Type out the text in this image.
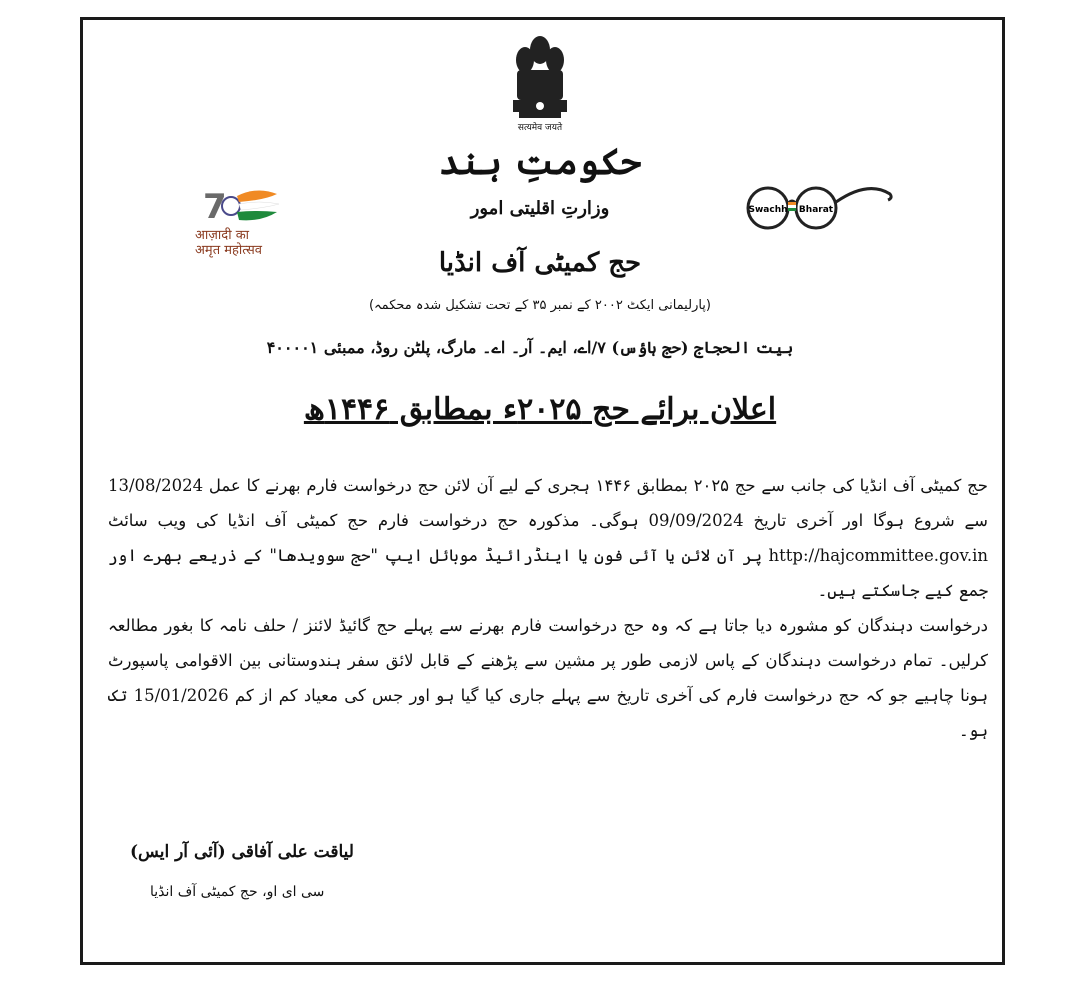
सत्यमेव जयते
7
आज़ादी का
अमृत महोत्सव
Swachh Bharat
حکومتِ ہند
وزارتِ اقلیتی امور
حج کمیٹی آف انڈیا
(پارلیمانی ایکٹ ۲۰۰۲ کے نمبر ۳۵ کے تحت تشکیل شدہ محکمہ)
بیت الحجاج (حج ہاؤس) ۷/اے، ایم۔ آر۔ اے۔ مارگ، پلٹن روڈ، ممبئی ۴۰۰۰۰۱
اعلان برائے حج ۲۰۲۵ء بمطابق ۱۴۴۶ھ

حج کمیٹی آف انڈیا کی جانب سے حج ۲۰۲۵ بمطابق ۱۴۴۶ ہجری کے لیے آن لائن حج درخواست فارم بھرنے کا عمل 13/08/2024 سے شروع ہوگا اور آخری تاریخ 09/09/2024 ہوگی۔ مذکورہ حج درخواست فارم حج کمیٹی آف انڈیا کی ویب سائٹ http://hajcommittee.gov.in پر آن لائن یا آئی فون یا اینڈرائیڈ موبائل ایپ "حج سوویدھا" کے ذریعے بھرے اور جمع کیے جاسکتے ہیں۔

درخواست دہندگان کو مشورہ دیا جاتا ہے کہ وہ حج درخواست فارم بھرنے سے پہلے حج گائیڈ لائنز / حلف نامہ کا بغور مطالعہ کرلیں۔ تمام درخواست دہندگان کے پاس لازمی طور پر مشین سے پڑھنے کے قابل لائق سفر ہندوستانی بین الاقوامی پاسپورٹ ہونا چاہیے جو کہ حج درخواست فارم کی آخری تاریخ سے پہلے جاری کیا گیا ہو اور جس کی معیاد کم از کم 15/01/2026 تک ہو۔

لیاقت علی آفاقی (آئی آر ایس)
سی ای او، حج کمیٹی آف انڈیا
